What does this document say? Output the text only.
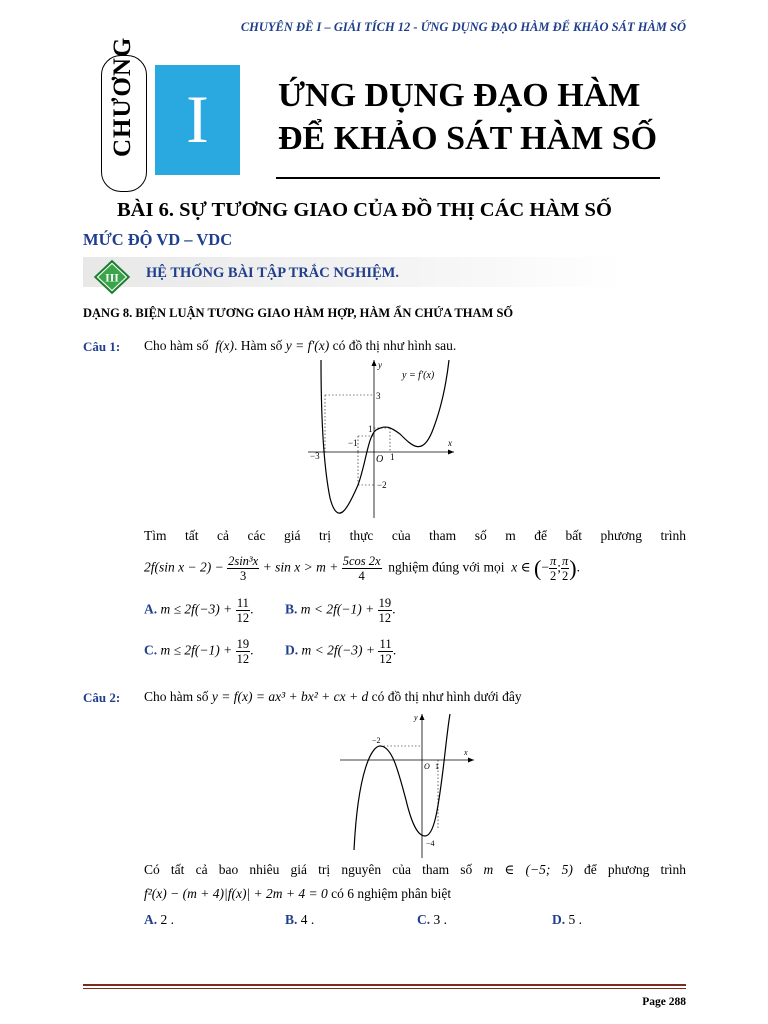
CHUYÊN ĐỀ I – GIẢI TÍCH 12 - ỨNG DỤNG ĐẠO HÀM ĐỂ KHẢO SÁT HÀM SỐ
CHƯƠNG I	ỨNG DỤNG ĐẠO HÀM
ĐỂ KHẢO SÁT HÀM SỐ
BÀI 6. SỰ TƯƠNG GIAO CỦA ĐỒ THỊ CÁC HÀM SỐ
MỨC ĐỘ VD – VDC
III HỆ THỐNG BÀI TẬP TRẮC NGHIỆM.
DẠNG 8. BIỆN LUẬN TƯƠNG GIAO HÀM HỢP, HÀM ẨN CHỨA THAM SỐ
Câu 1: Cho hàm số  f(x). Hàm số y = f′(x) có đồ thị như hình sau.
y = f′(x)
y
x
O
3
1
−1
−3	1
−2
Tìm tất cả các giá trị thực của tham số m để bất phương trình
2f(sin $x - 2) - \frac{\text{2sin³x}}{3} + \sin x > m + \frac{5\cos 2x}{4}$ nghiệm đúng với mọi  x ∈ (− $\frac{\pi}{2}$ ; $\frac{\pi}{2}$ ).
A. $m \le 2f(-3) + \frac{11}{12}$ . B. $m < 2f(-1) + \frac{19}{12}$ .
C. $m \le 2f(-1) + \frac{19}{12}$ . D. $m < 2f(-3) + \frac{11}{12}$ .
Câu 2: Cho hàm số y = f(x) = ax³ + bx² + cx + d có đồ thị như hình dưới đây
y
x
O
−2
1
−4
Có tất cả bao nhiêu giá trị nguyên của tham số m ∈ (−5; 5) để phương trình
f²(x) − (m + 4)|f(x)| + 2m + 4 = 0 có 6 nghiệm phân biệt
A. 2 .	B. 4 .	C. 3 .	D. 5 .
Page 288
